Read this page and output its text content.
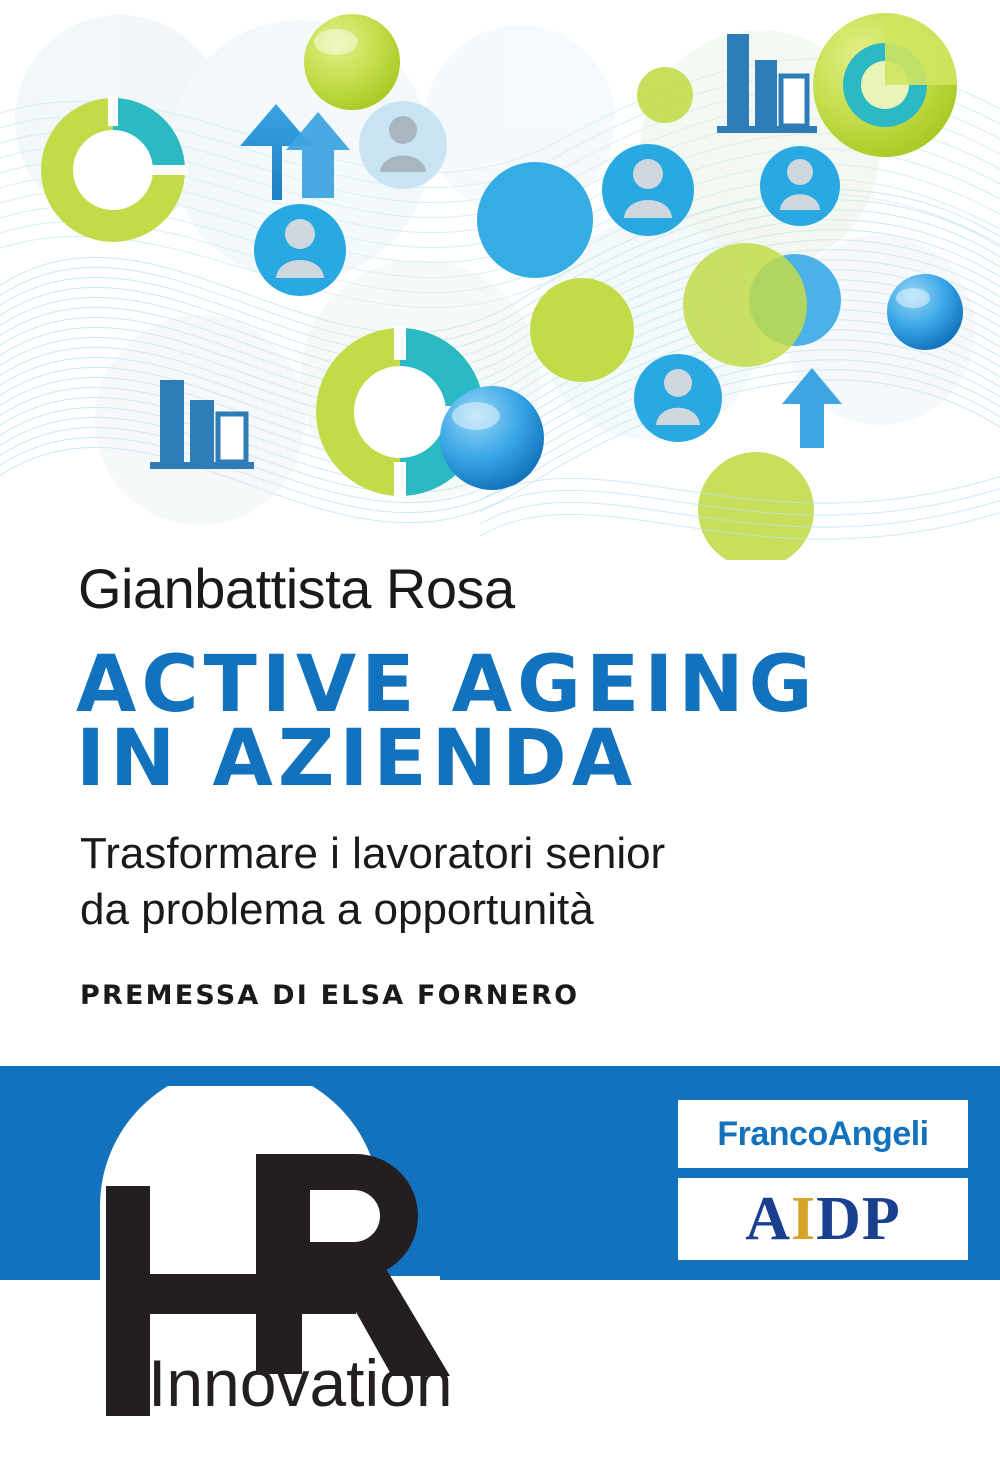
Gianbattista Rosa
ACTIVE AGEING
IN AZIENDA
Trasformare i lavoratori senior
da problema a opportunità
PREMESSA DI ELSA FORNERO
FrancoAngeli
AIDP
Innovation
